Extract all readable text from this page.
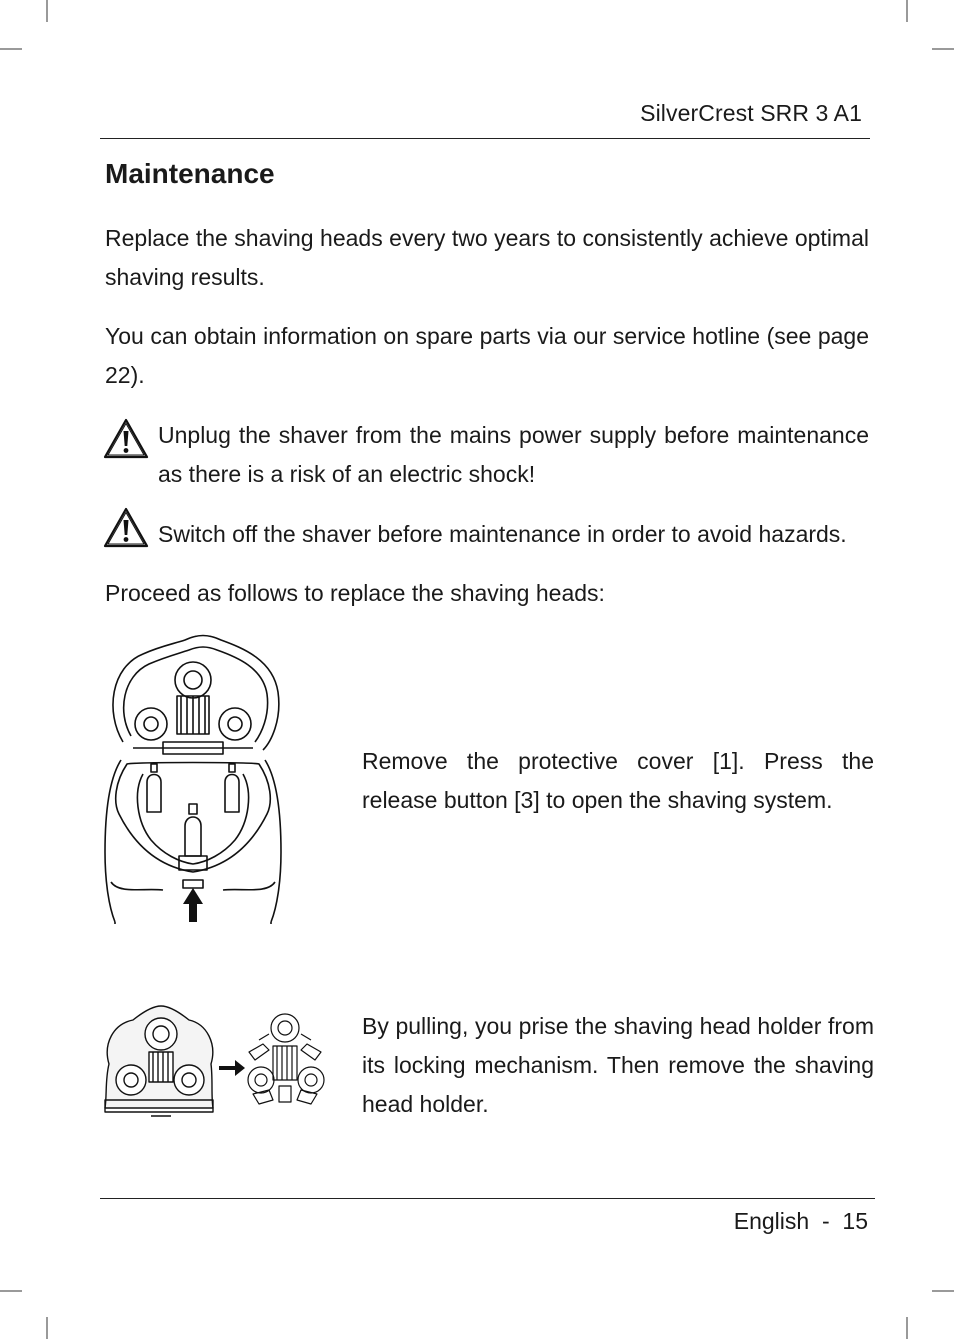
SilverCrest SRR 3 A1
Maintenance

Replace the shaving heads every two years to consistently achieve optimal shaving results.

You can obtain information on spare parts via our service hotline (see page 22).

Unplug the shaver from the mains power supply before maintenance as there is a risk of an electric shock!

Switch off the shaver before maintenance in order to avoid hazards.

Proceed as follows to replace the shaving heads:

Remove the protective cover [1]. Press the release button [3] to open the shaving system.

By pulling, you prise the shaving head holder from its locking mechanism. Then remove the shaving head holder.

English  -  15
